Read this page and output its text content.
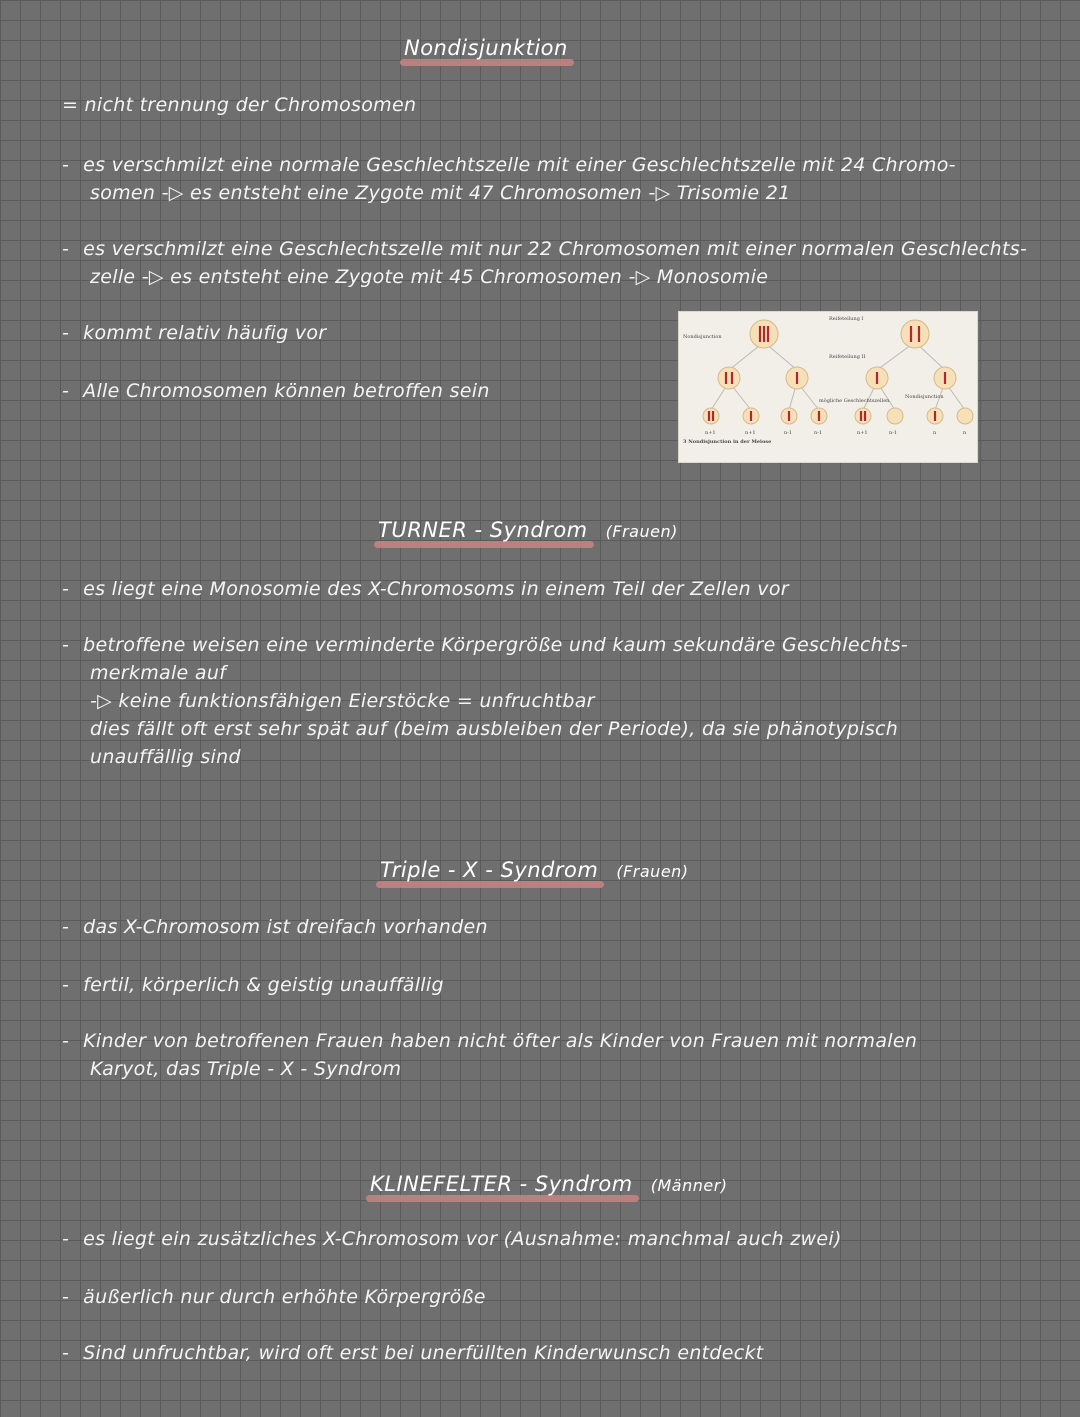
Nondisjunktion
= nicht trennung der Chromosomen
- es verschmilzt eine normale Geschlechtszelle mit einer Geschlechtszelle mit 24 Chromo-
somen -▷ es entsteht eine Zygote mit 47 Chromosomen -▷ Trisomie 21
- es verschmilzt eine Geschlechtszelle mit nur 22 Chromosomen mit einer normalen Geschlechts-
zelle -▷ es entsteht eine Zygote mit 45 Chromosomen -▷ Monosomie
- kommt relativ häufig vor
- Alle Chromosomen können betroffen sein
Nondisjunction
Reifeteilung I
Reifeteilung II
Nondisjunction
mögliche Geschlechtszellen
n+1	n+1	n-1	n-1	n+1	n-1	n	n
3 Nondisjunction in der Meiose
TURNER - Syndrom (Frauen)
- es liegt eine Monosomie des X-Chromosoms in einem Teil der Zellen vor
- betroffene weisen eine verminderte Körpergröße und kaum sekundäre Geschlechts-
merkmale auf
-▷ keine funktionsfähigen Eierstöcke = unfruchtbar
dies fällt oft erst sehr spät auf (beim ausbleiben der Periode), da sie phänotypisch
unauffällig sind
Triple - X - Syndrom (Frauen)
- das X-Chromosom ist dreifach vorhanden
- fertil, körperlich & geistig unauffällig
- Kinder von betroffenen Frauen haben nicht öfter als Kinder von Frauen mit normalen
Karyot, das Triple - X - Syndrom
KLINEFELTER - Syndrom (Männer)
- es liegt ein zusätzliches X-Chromosom vor (Ausnahme: manchmal auch zwei)
- äußerlich nur durch erhöhte Körpergröße
- Sind unfruchtbar, wird oft erst bei unerfüllten Kinderwunsch entdeckt
